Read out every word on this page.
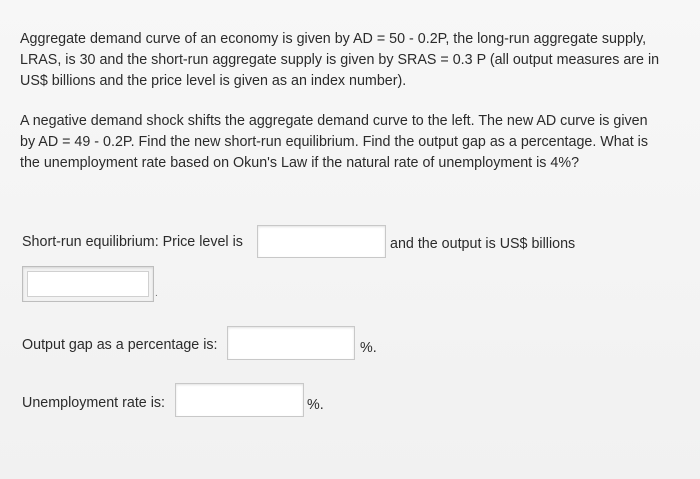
Aggregate demand curve of an economy is given by AD = 50 - 0.2P, the long-run aggregate supply,
LRAS, is 30 and the short-run aggregate supply is given by SRAS = 0.3 P (all output measures are in
US$ billions and the price level is given as an index number).

A negative demand shock shifts the aggregate demand curve to the left. The new AD curve is given
by AD = 49 - 0.2P. Find the new short-run equilibrium. Find the output gap as a percentage. What is
the unemployment rate based on Okun's Law if the natural rate of unemployment is 4%?

Short-run equilibrium: Price level is	and the output is US$ billions
.
Output gap as a percentage is:	%.
Unemployment rate is:	%.
